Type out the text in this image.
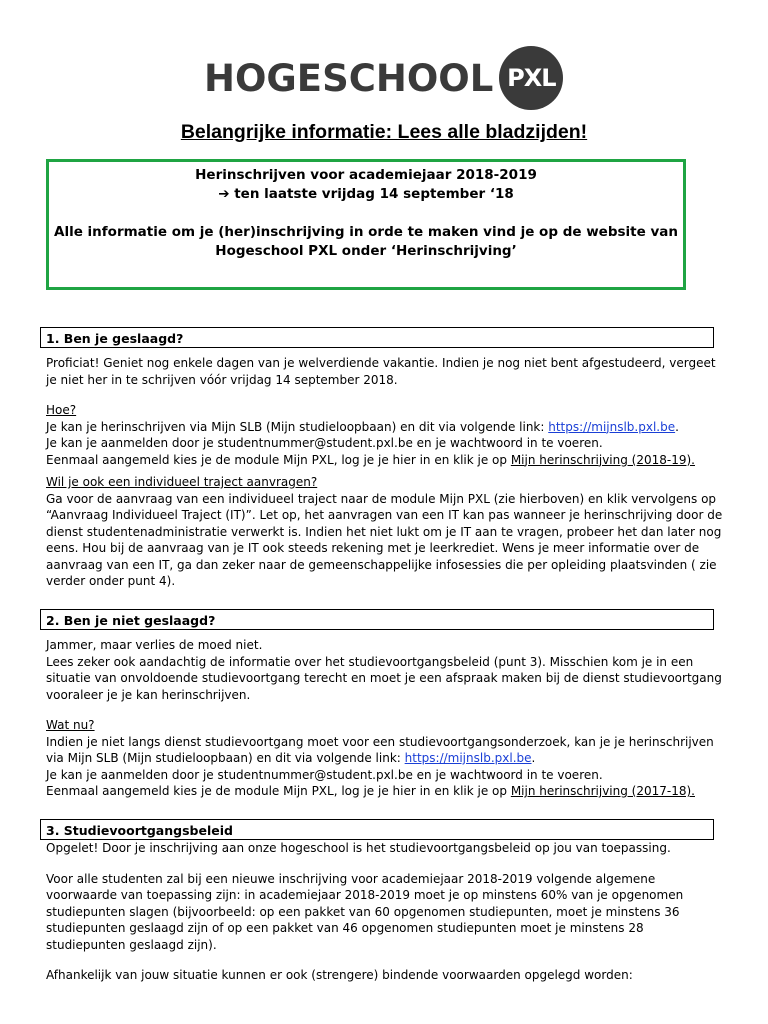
HOGESCHOOL PXL
Belangrijke informatie: Lees alle bladzijden!
Herinschrijven voor academiejaar 2018-2019
➔ ten laatste vrijdag 14 september ‘18
Alle informatie om je (her)inschrijving in orde te maken vind je op de website van
Hogeschool PXL onder ‘Herinschrijving’
1. Ben je geslaagd?

Proficiat! Geniet nog enkele dagen van je welverdiende vakantie. Indien je nog niet bent afgestudeerd, vergeet je niet her in te schrijven vóór vrijdag 14 september 2018.

Hoe?

Je kan je herinschrijven via Mijn SLB (Mijn studieloopbaan) en dit via volgende link: https://mijnslb.pxl.be.

Je kan je aanmelden door je studentnummer@student.pxl.be en je wachtwoord in te voeren.

Eenmaal aangemeld kies je de module Mijn PXL, log je je hier in en klik je op Mijn herinschrijving (2018-19).

Wil je ook een individueel traject aanvragen?

Ga voor de aanvraag van een individueel traject naar de module Mijn PXL (zie hierboven) en klik vervolgens op “Aanvraag Individueel Traject (IT)”. Let op, het aanvragen van een IT kan pas wanneer je herinschrijving door de dienst studentenadministratie verwerkt is. Indien het niet lukt om je IT aan te vragen, probeer het dan later nog eens. Hou bij de aanvraag van je IT ook steeds rekening met je leerkrediet. Wens je meer informatie over de aanvraag van een IT, ga dan zeker naar de gemeenschappelijke infosessies die per opleiding plaatsvinden ( zie verder onder punt 4).

2. Ben je niet geslaagd?

Jammer, maar verlies de moed niet.

Lees zeker ook aandachtig de informatie over het studievoortgangsbeleid (punt 3). Misschien kom je in een situatie van onvoldoende studievoortgang terecht en moet je een afspraak maken bij de dienst studievoortgang vooraleer je je kan herinschrijven.

Wat nu?

Indien je niet langs dienst studievoortgang moet voor een studievoortgangsonderzoek, kan je je herinschrijven via Mijn SLB (Mijn studieloopbaan) en dit via volgende link: https://mijnslb.pxl.be.

Je kan je aanmelden door je studentnummer@student.pxl.be en je wachtwoord in te voeren.

Eenmaal aangemeld kies je de module Mijn PXL, log je je hier in en klik je op Mijn herinschrijving (2017-18).

3. Studievoortgangsbeleid

Opgelet! Door je inschrijving aan onze hogeschool is het studievoortgangsbeleid op jou van toepassing.

Voor alle studenten zal bij een nieuwe inschrijving voor academiejaar 2018-2019 volgende algemene voorwaarde van toepassing zijn: in academiejaar 2018-2019 moet je op minstens 60% van je opgenomen studiepunten slagen (bijvoorbeeld: op een pakket van 60 opgenomen studiepunten, moet je minstens 36 studiepunten geslaagd zijn of op een pakket van 46 opgenomen studiepunten moet je minstens 28 studiepunten geslaagd zijn).

Afhankelijk van jouw situatie kunnen er ook (strengere) bindende voorwaarden opgelegd worden:
